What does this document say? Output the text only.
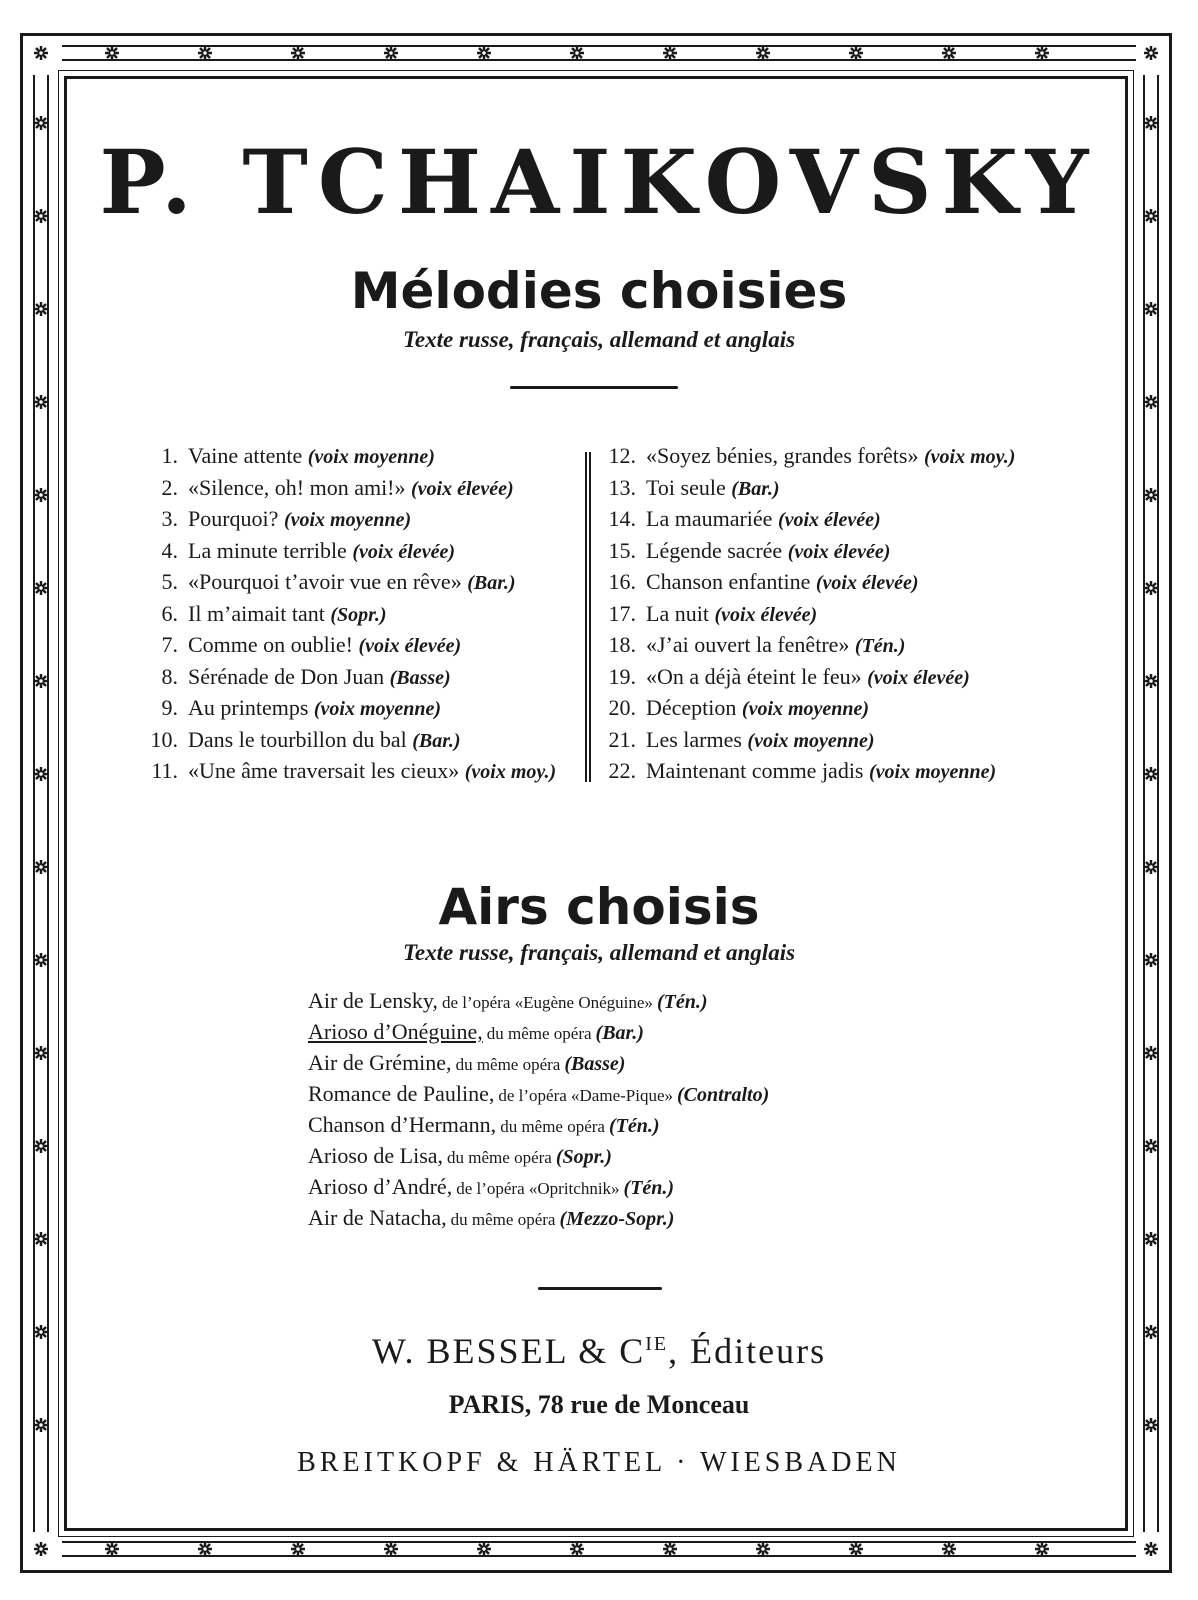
P. TCHAIKOVSKY
Mélodies choisies

Texte russe, français, allemand et anglais

1. Vaine attente (voix moyenne)
2. «Silence, oh! mon ami!» (voix élevée)
3. Pourquoi? (voix moyenne)
4. La minute terrible (voix élevée)
5. «Pourquoi t’avoir vue en rêve» (Bar.)
6. Il m’aimait tant (Sopr.)
7. Comme on oublie! (voix élevée)
8. Sérénade de Don Juan (Basse)
9. Au printemps (voix moyenne)
10. Dans le tourbillon du bal (Bar.)
11. «Une âme traversait les cieux» (voix moy.)
12. «Soyez bénies, grandes forêts» (voix moy.)
13. Toi seule (Bar.)
14. La maumariée (voix élevée)
15. Légende sacrée (voix élevée)
16. Chanson enfantine (voix élevée)
17. La nuit (voix élevée)
18. «J’ai ouvert la fenêtre» (Tén.)
19. «On a déjà éteint le feu» (voix élevée)
20. Déception (voix moyenne)
21. Les larmes (voix moyenne)
22. Maintenant comme jadis (voix moyenne)
Airs choisis

Texte russe, français, allemand et anglais

Air de Lensky, de l’opéra «Eugène Onéguine» (Tén.)
Arioso d’Onéguine, du même opéra (Bar.)
Air de Grémine, du même opéra (Basse)
Romance de Pauline, de l’opéra «Dame-Pique» (Contralto)
Chanson d’Hermann, du même opéra (Tén.)
Arioso de Lisa, du même opéra (Sopr.)
Arioso d’André, de l’opéra «Opritchnik» (Tén.)
Air de Natacha, du même opéra (Mezzo-Sopr.)

W. BESSEL & $C^{IE}$, Éditeurs

PARIS, 78 rue de Monceau

BREITKOPF & HÄRTEL · WIESBADEN
